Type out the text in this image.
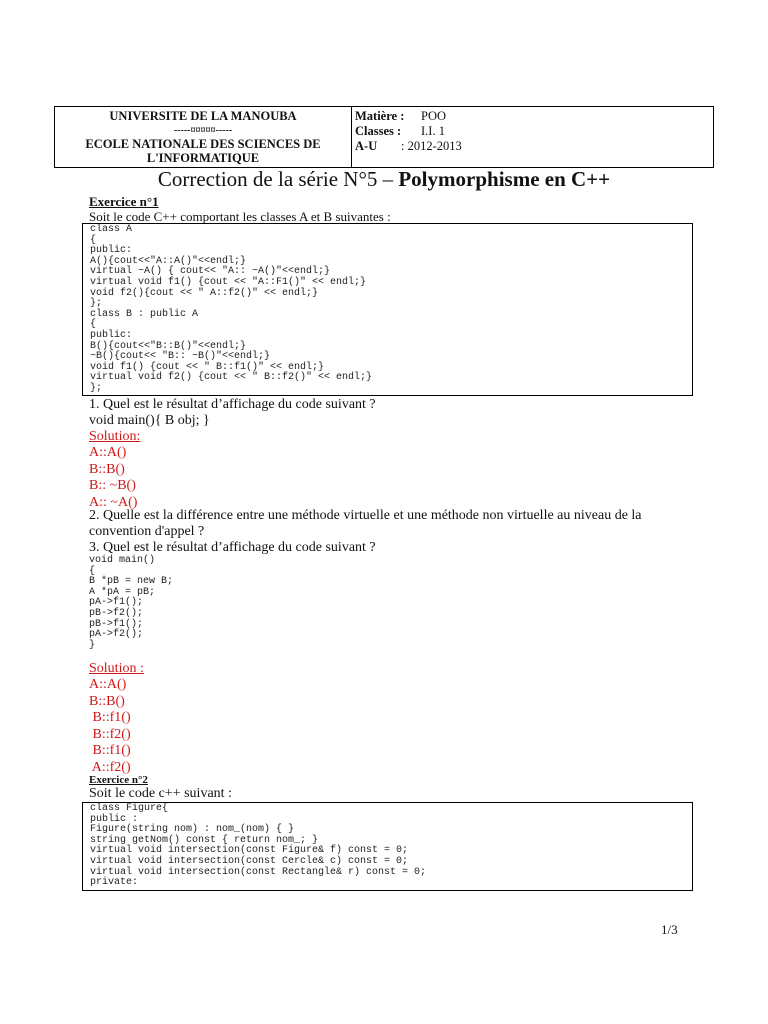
UNIVERSITE DE LA MANOUBA
-----¤¤¤¤¤-----
ECOLE NATIONALE DES SCIENCES DE
L'INFORMATIQUE
Matière :	POO
Classes :	I.I. 1
A-U	: 2012-2013
Correction de la série N°5 – Polymorphisme en C++
Exercice n°1
Soit le code C++ comportant les classes A et B suivantes :
class A
{
public:
A(){cout<<"A::A()"<<endl;}
virtual ~A() { cout<< "A:: ~A()"<<endl;}
virtual void f1() {cout << "A::F1()" << endl;}
void f2(){cout << " A::f2()" << endl;}
};
class B : public A
{
public:
B(){cout<<"B::B()"<<endl;}
~B(){cout<< "B:: ~B()"<<endl;}
void f1() {cout << " B::f1()" << endl;}
virtual void f2() {cout << " B::f2()" << endl;}
};
1. Quel est le résultat d’affichage du code suivant ?
void main(){ B obj; }
Solution:
A::A()
B::B()
B:: ~B()
A:: ~A()
2. Quelle est la différence entre une méthode virtuelle et une méthode non virtuelle au niveau de la
convention d'appel ?
3. Quel est le résultat d’affichage du code suivant ?
void main()
{
B *pB = new B;
A *pA = pB;
pA->f1();
pB->f2();
pB->f1();
pA->f2();
}
Solution :
A::A()
B::B()
B::f1()
B::f2()
B::f1()
A::f2()
Exercice n°2
Soit le code c++ suivant :
class Figure{
public :
Figure(string nom) : nom_(nom) { }
string getNom() const { return nom_; }
virtual void intersection(const Figure& f) const = 0;
virtual void intersection(const Cercle& c) const = 0;
virtual void intersection(const Rectangle& r) const = 0;
private:
1/3
